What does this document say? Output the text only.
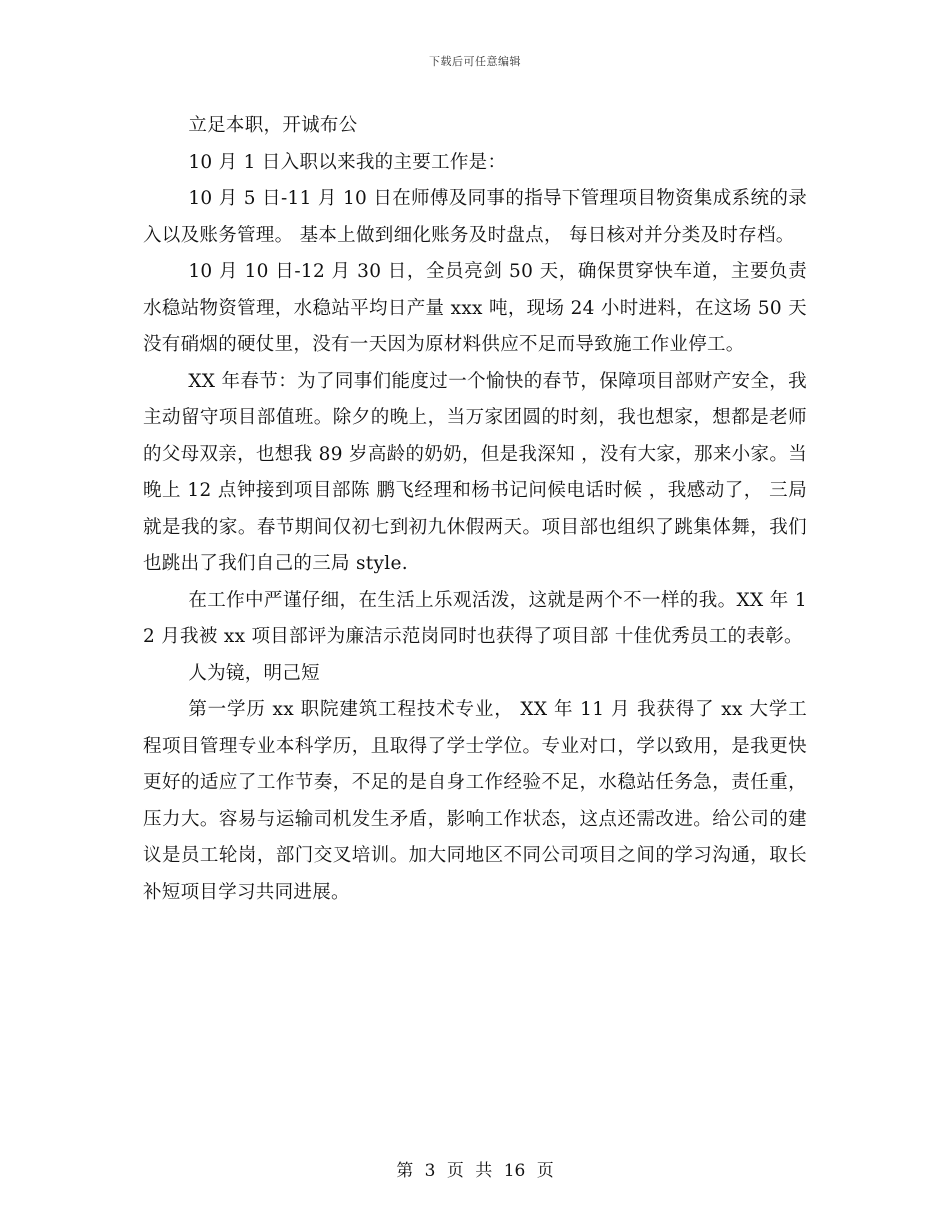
下载后可任意编辑

立足本职，开诚布公

10 月 1 日入职以来我的主要工作是：

10 月 5 日-11 月 10 日在师傅及同事的指导下管理项目物资集成系统的录入以及账务管理。 基本上做到细化账务及时盘点， 每日核对并分类及时存档。

10 月 10 日-12 月 30 日，全员亮剑 50 天，确保贯穿快车道，主要负责水稳站物资管理，水稳站平均日产量 xxx 吨，现场 24 小时进料，在这场 50 天没有硝烟的硬仗里，没有一天因为原材料供应不足而导致施工作业停工。

XX 年春节：为了同事们能度过一个愉快的春节，保障项目部财产安全，我主动留守项目部值班。除夕的晚上，当万家团圆的时刻，我也想家，想都是老师的父母双亲，也想我 89 岁高龄的奶奶，但是我深知 ，没有大家，那来小家。当晚上 12 点钟接到项目部陈 鹏飞经理和杨书记问候电话时候 ，我感动了， 三局就是我的家。春节期间仅初七到初九休假两天。项目部也组织了跳集体舞，我们也跳出了我们自己的三局 style.

在工作中严谨仔细，在生活上乐观活泼，这就是两个不一样的我。XX 年 12 月我被 xx 项目部评为廉洁示范岗同时也获得了项目部 十佳优秀员工的表彰。

人为镜，明己短

第一学历 xx 职院建筑工程技术专业， XX 年 11 月 我获得了 xx 大学工程项目管理专业本科学历，且取得了学士学位。专业对口，学以致用，是我更快更好的适应了工作节奏，不足的是自身工作经验不足，水稳站任务急，责任重，压力大。容易与运输司机发生矛盾，影响工作状态，这点还需改进。给公司的建议是员工轮岗，部门交叉培训。加大同地区不同公司项目之间的学习沟通，取长补短项目学习共同进展。

第 3 页 共 16 页
